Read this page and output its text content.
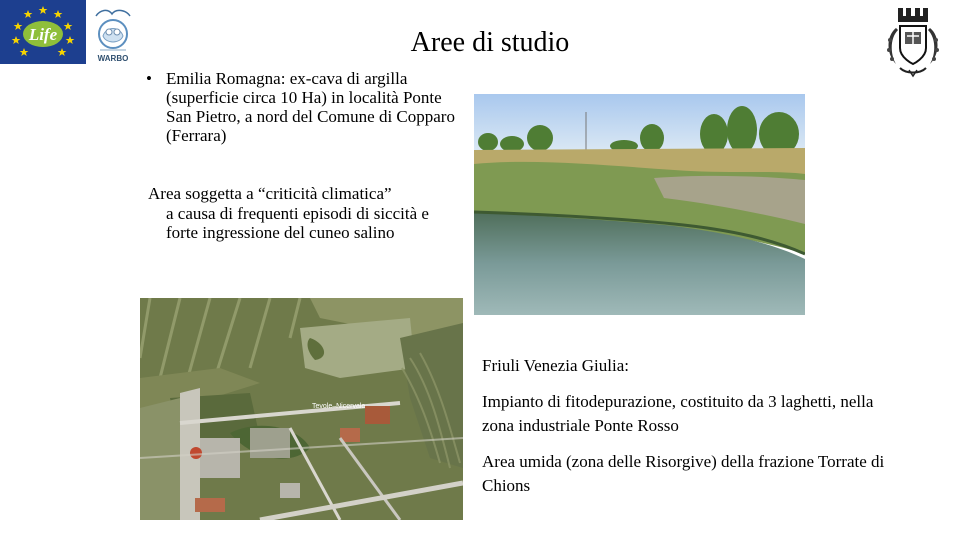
Life
WARBO
Aree di studio
• Emilia Romagna: ex-cava di argilla (superficie circa 10 Ha) in località Ponte San Pietro, a nord del Comune di Copparo (Ferrara)
Area soggetta a “criticità climatica”
a causa di frequenti episodi di siccità e forte ingressione del cuneo salino
Tevole–Nicervale
Friuli Venezia Giulia:
Impianto di fitodepurazione, costituito da 3 laghetti, nella zona industriale Ponte Rosso
Area umida (zona delle Risorgive) della frazione Torrate di Chions
